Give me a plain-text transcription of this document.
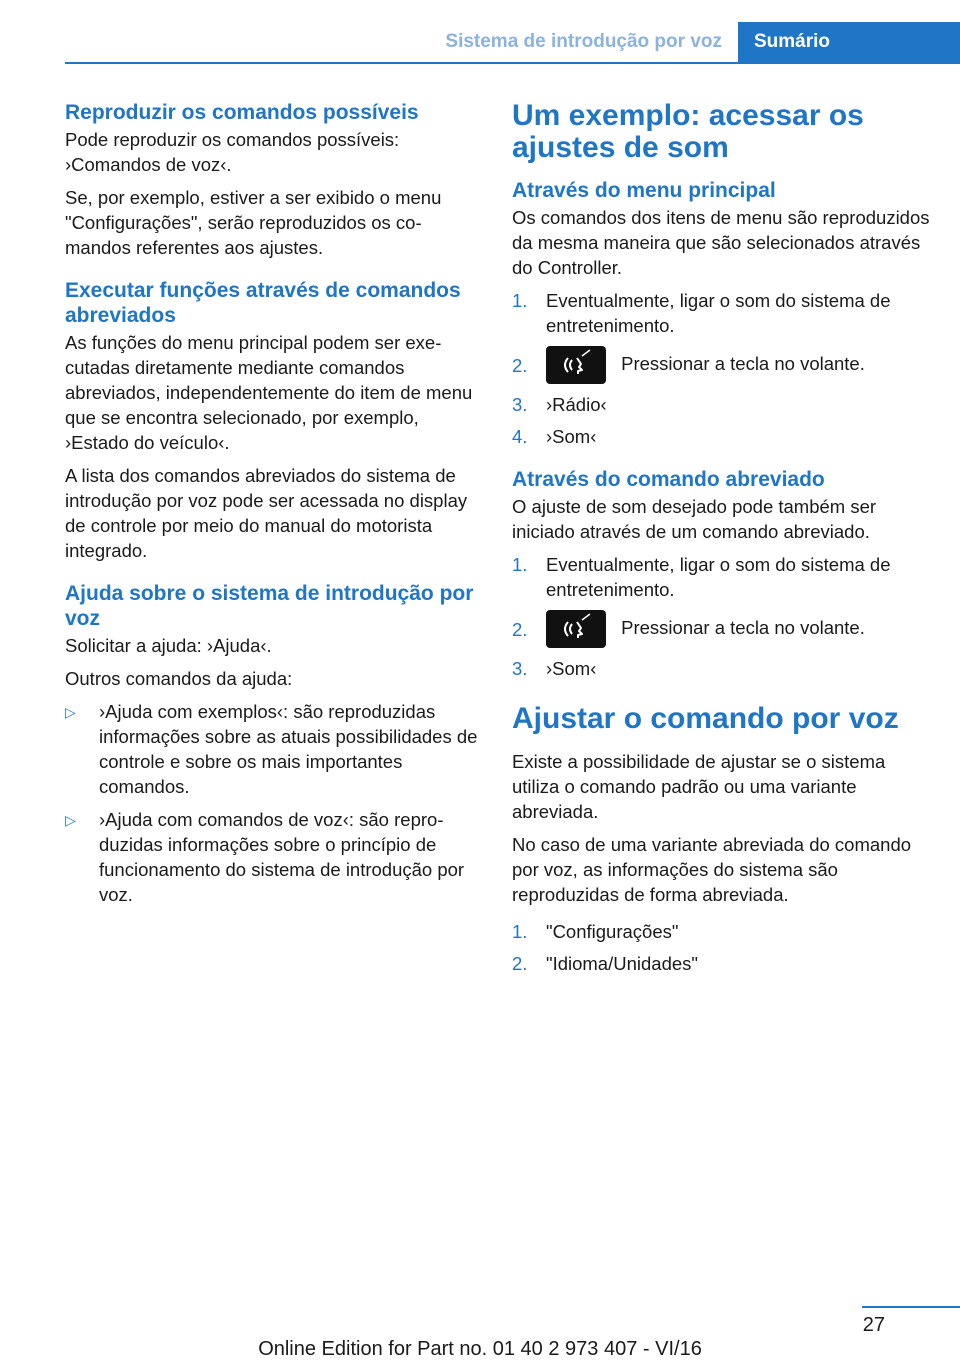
Sistema de introdução por voz	Sumário
Reproduzir os comandos possíveis

Pode reproduzir os comandos possíveis: ›Comandos de voz‹.

Se, por exemplo, estiver a ser exibido o menu "Configurações", serão reproduzidos os comandos referentes aos ajustes.

Executar funções através de comandos abreviados

As funções do menu principal podem ser executadas diretamente mediante comandos abreviados, independentemente do item de menu que se encontra selecionado, por exemplo, ›Estado do veículo‹.

A lista dos comandos abreviados do sistema de introdução por voz pode ser acessada no display de controle por meio do manual do motorista integrado.

Ajuda sobre o sistema de introdução por voz

Solicitar a ajuda: ›Ajuda‹.

Outros comandos da ajuda:

▷	›Ajuda com exemplos‹: são reproduzidas informações sobre as atuais possibilidades de controle e sobre os mais importantes comandos.
▷	›Ajuda com comandos de voz‹: são reproduzidas informações sobre o princípio de funcionamento do sistema de introdução por voz.
Um exemplo: acessar os ajustes de som
Através do menu principal

Os comandos dos itens de menu são reproduzidos da mesma maneira que são selecionados através do Controller.

1.	Eventualmente, ligar o som do sistema de entretenimento.
2.	Pressionar a tecla no volante.
3.	›Rádio‹
4.	›Som‹
Através do comando abreviado

O ajuste de som desejado pode também ser iniciado através de um comando abreviado.

1.	Eventualmente, ligar o som do sistema de entretenimento.
2.	Pressionar a tecla no volante.
3.	›Som‹
Ajustar o comando por voz

Existe a possibilidade de ajustar se o sistema utiliza o comando padrão ou uma variante abreviada.

No caso de uma variante abreviada do comando por voz, as informações do sistema são reproduzidas de forma abreviada.

1.	"Configurações"
2.	"Idioma/Unidades"
27
Online Edition for Part no. 01 40 2 973 407 - VI/16
